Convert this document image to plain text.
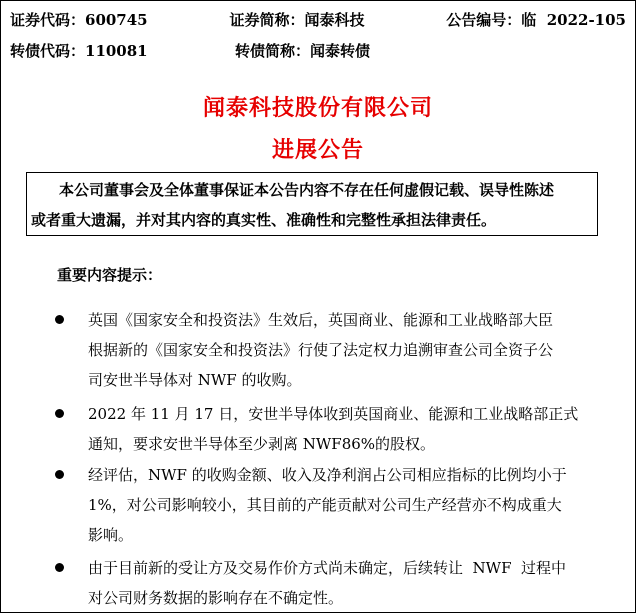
证券代码：600745	证券简称：闻泰科技	公告编号：临  2022-105
转债代码：110081	转债简称：闻泰转债
闻泰科技股份有限公司
进展公告
本公司董事会及全体董事保证本公告内容不存在任何虚假记载、误导性陈述
或者重大遗漏，并对其内容的真实性、准确性和完整性承担法律责任。
重要内容提示：
英国《国家安全和投资法》生效后，英国商业、能源和工业战略部大臣
根据新的《国家安全和投资法》行使了法定权力追溯审查公司全资子公
司安世半导体对 NWF 的收购。
2022 年 11 月 17 日，安世半导体收到英国商业、能源和工业战略部正式
通知，要求安世半导体至少剥离 NWF86%的股权。
经评估，NWF 的收购金额、收入及净利润占公司相应指标的比例均小于
1%，对公司影响较小，其目前的产能贡献对公司生产经营亦不构成重大
影响。
由于目前新的受让方及交易作价方式尚未确定，后续转让  NWF  过程中
对公司财务数据的影响存在不确定性。
